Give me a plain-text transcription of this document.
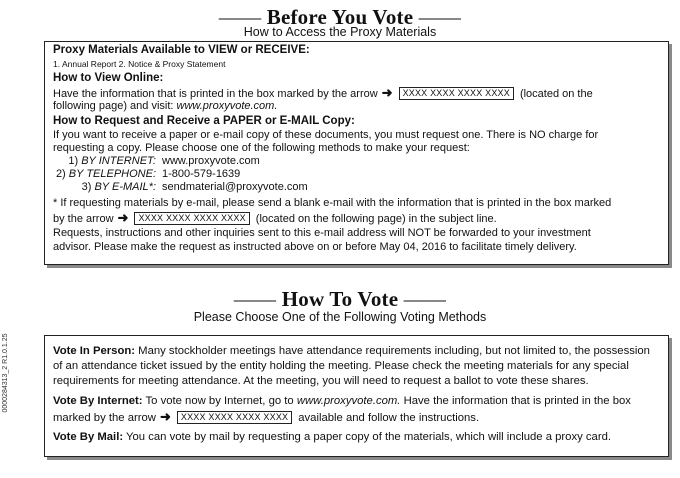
—— Before You Vote ——
How to Access the Proxy Materials
Proxy Materials Available to VIEW or RECEIVE:
1. Annual Report 2. Notice & Proxy Statement
How to View Online:
Have the information that is printed in the box marked by the arrow ➜ XXXX XXXX XXXX XXXX (located on the
following page) and visit: www.proxyvote.com.
How to Request and Receive a PAPER or E-MAIL Copy:
If you want to receive a paper or e-mail copy of these documents, you must request one. There is NO charge for
requesting a copy. Please choose one of the following methods to make your request:
1) BY INTERNET: www.proxyvote.com
2) BY TELEPHONE: 1-800-579-1639
3) BY E-MAIL*: sendmaterial@proxyvote.com
* If requesting materials by e-mail, please send a blank e-mail with the information that is printed in the box marked
by the arrow ➜ XXXX XXXX XXXX XXXX (located on the following page) in the subject line.
Requests, instructions and other inquiries sent to this e-mail address will NOT be forwarded to your investment
advisor. Please make the request as instructed above on or before May 04, 2016 to facilitate timely delivery.
—— How To Vote ——
Please Choose One of the Following Voting Methods
Vote In Person: Many stockholder meetings have attendance requirements including, but not limited to, the possession
of an attendance ticket issued by the entity holding the meeting. Please check the meeting materials for any special
requirements for meeting attendance. At the meeting, you will need to request a ballot to vote these shares.
Vote By Internet: To vote now by Internet, go to www.proxyvote.com. Have the information that is printed in the box
marked by the arrow ➜ XXXX XXXX XXXX XXXX available and follow the instructions.
Vote By Mail: You can vote by mail by requesting a paper copy of the materials, which will include a proxy card.
0000284313_2 R1.0.1.25
